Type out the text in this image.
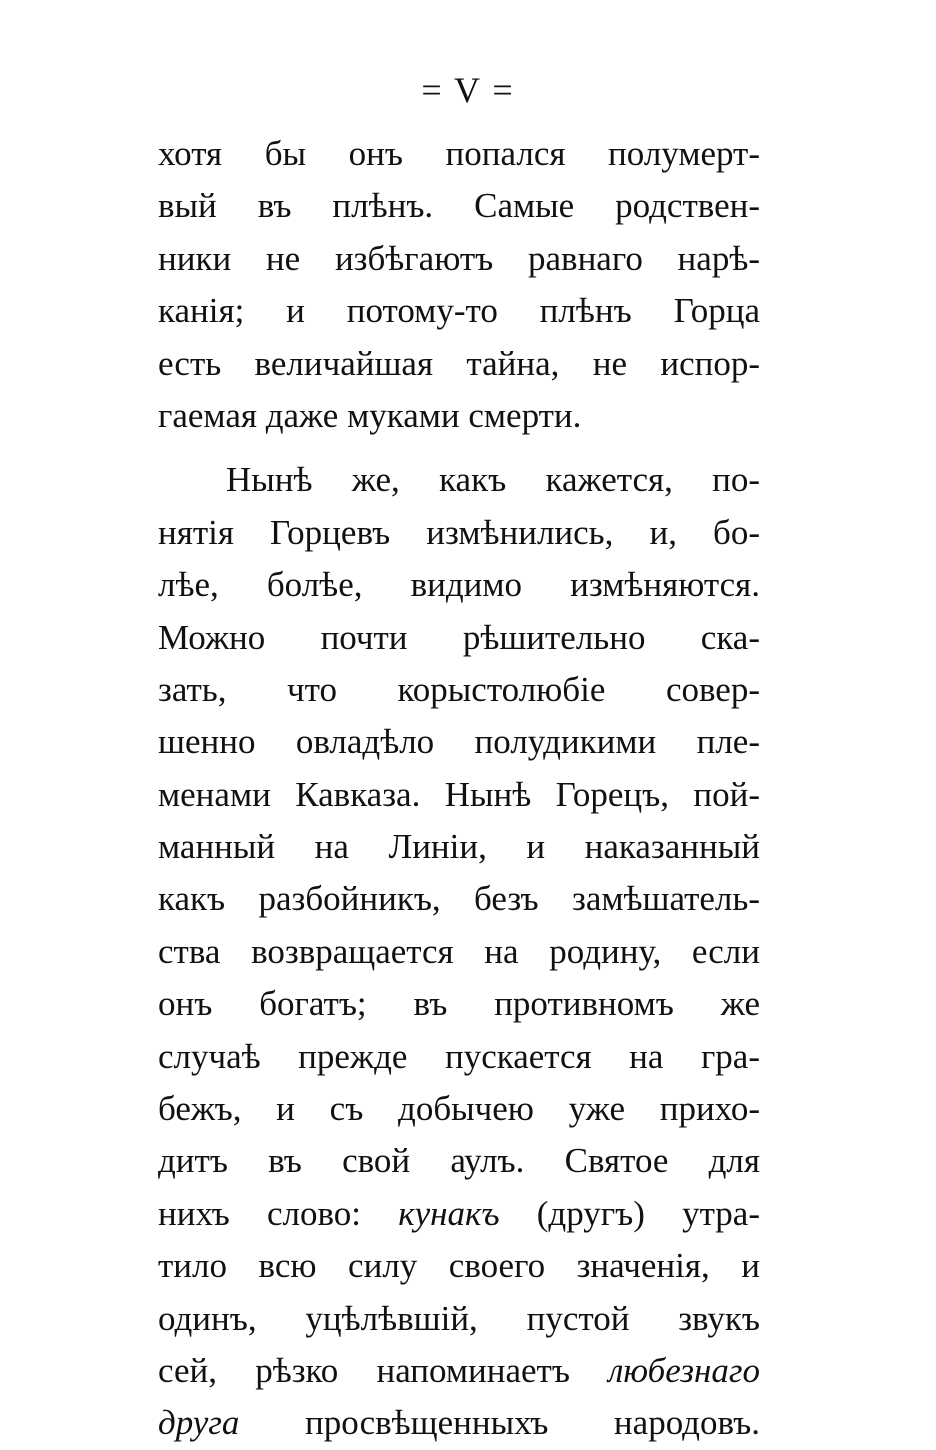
= V =
хотя бы онъ попался полумерт-
вый въ плѣнъ. Самые родствен-
ники не избѣгаютъ равнаго нарѣ-
канія; и потому-то плѣнъ Горца
есть величайшая тайна, не испор-
гаемая даже муками смерти.
Нынѣ же, какъ кажется, по-
нятія Горцевъ измѣнились, и, бо-
лѣе, болѣе, видимо измѣняются.
Можно почти рѣшительно ска-
зать, что корыстолюбіе совер-
шенно овладѣло полудикими пле-
менами Кавказа. Нынѣ Горецъ, пой-
манный на Линіи, и наказанный
какъ разбойникъ, безъ замѣшатель-
ства возвращается на родину, если
онъ богатъ; въ противномъ же
случаѣ прежде пускается на гра-
бежъ, и съ добычею уже прихо-
дитъ въ свой аулъ. Святое для
нихъ слово: кунакъ (другъ) утра-
тило всю силу своего значенія, и
одинъ, уцѣлѣвшій, пустой звукъ
сей, рѣзко напоминаетъ любезнаго
друга просвѣщенныхъ народовъ.
